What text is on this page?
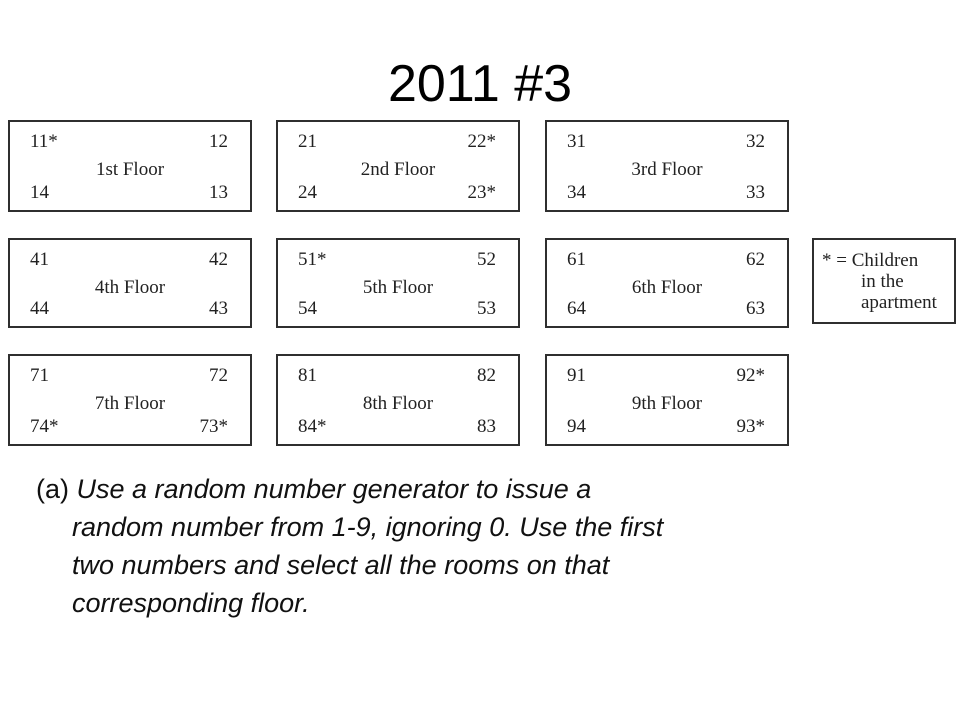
2011 #3
11*	12
1st Floor
14	13
21	22*
2nd Floor
24	23*
31	32
3rd Floor
34	33
41	42
4th Floor
44	43
51*	52
5th Floor
54	53
61	62
6th Floor
64	63
71	72
7th Floor
74*	73*
81	82
8th Floor
84*	83
91	92*
9th Floor
94	93*
* = Children
in the
apartment
(a) Use a random number generator to issue a
random number from 1-9, ignoring 0. Use the first
two numbers and select all the rooms on that
corresponding floor.
